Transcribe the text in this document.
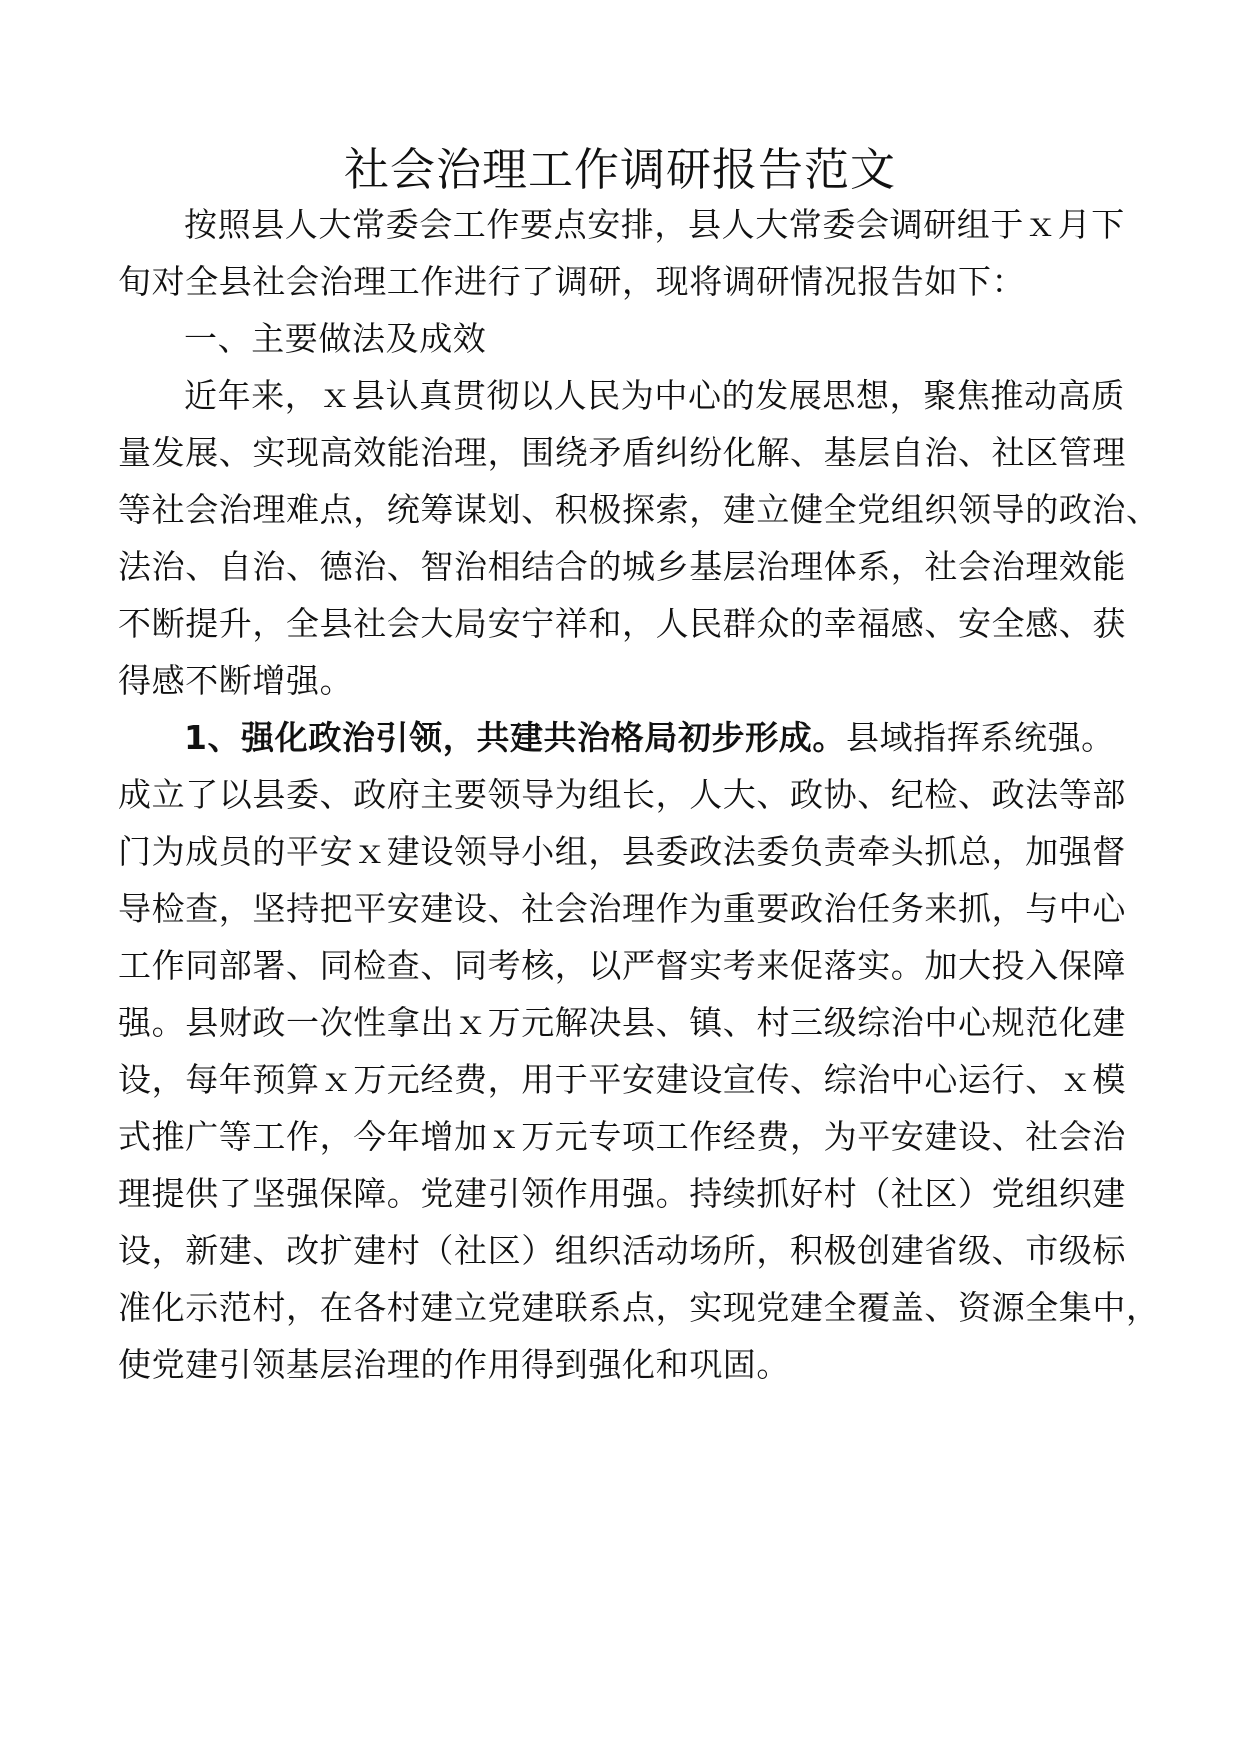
社会治理工作调研报告范文

按照县人大常委会工作要点安排，县人大常委会调研组于ｘ月下

旬对全县社会治理工作进行了调研，现将调研情况报告如下：

一、主要做法及成效

近年来，ｘ县认真贯彻以人民为中心的发展思想，聚焦推动高质

量发展、实现高效能治理，围绕矛盾纠纷化解、基层自治、社区管理

等社会治理难点，统筹谋划、积极探索，建立健全党组织领导的政治、

法治、自治、德治、智治相结合的城乡基层治理体系，社会治理效能

不断提升，全县社会大局安宁祥和，人民群众的幸福感、安全感、获

得感不断增强。

1、强化政治引领，共建共治格局初步形成。县域指挥系统强。

成立了以县委、政府主要领导为组长，人大、政协、纪检、政法等部

门为成员的平安ｘ建设领导小组，县委政法委负责牵头抓总，加强督

导检查，坚持把平安建设、社会治理作为重要政治任务来抓，与中心

工作同部署、同检查、同考核，以严督实考来促落实。加大投入保障

强。县财政一次性拿出ｘ万元解决县、镇、村三级综治中心规范化建

设，每年预算ｘ万元经费，用于平安建设宣传、综治中心运行、ｘ模

式推广等工作，今年增加ｘ万元专项工作经费，为平安建设、社会治

理提供了坚强保障。党建引领作用强。持续抓好村（社区）党组织建

设，新建、改扩建村（社区）组织活动场所，积极创建省级、市级标

准化示范村，在各村建立党建联系点，实现党建全覆盖、资源全集中，

使党建引领基层治理的作用得到强化和巩固。
